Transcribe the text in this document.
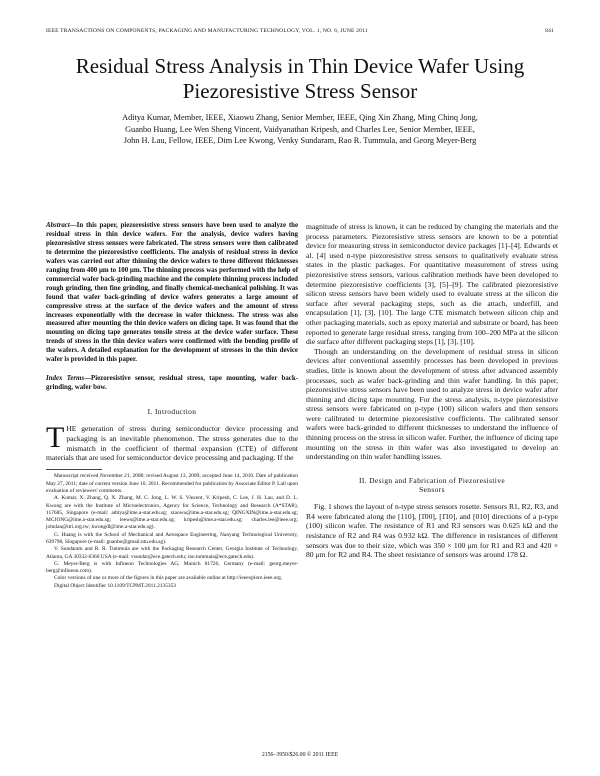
IEEE TRANSACTIONS ON COMPONENTS, PACKAGING AND MANUFACTURING TECHNOLOGY, VOL. 1, NO. 6, JUNE 2011	841
Residual Stress Analysis in Thin Device Wafer Using Piezoresistive Stress Sensor
Aditya Kumar, Member, IEEE, Xiaowu Zhang, Senior Member, IEEE, Qing Xin Zhang, Ming Chinq Jong,
Guanbo Huang, Lee Wen Sheng Vincent, Vaidyanathan Kripesh, and Charles Lee, Senior Member, IEEE,
John H. Lau, Fellow, IEEE, Dim Lee Kwong, Venky Sundaram, Rao R. Tummula, and Georg Meyer-Berg

Abstract—In this paper, piezoresistive stress sensors have been used to analyze the residual stress in thin device wafers. For the analysis, device wafers having piezoresistive stress sensors were fabricated. The stress sensors were then calibrated to determine the piezoresistive coefficients. The analysis of residual stress in device wafers was carried out after thinning the device wafers to three different thicknesses ranging from 400 μm to 100 μm. The thinning process was performed with the help of commercial wafer back-grinding machine and the complete thinning process included rough grinding, then fine grinding, and finally chemical-mechanical polishing. It was found that wafer back-grinding of device wafers generates a large amount of compressive stress at the surface of the device wafers and the amount of stress increases exponentially with the decrease in wafer thickness. The stress was also measured after mounting the thin device wafers on dicing tape. It was found that the mounting on dicing tape generates tensile stress at the device wafer surface. These trends of stress in the thin device wafers were confirmed with the bending profile of the wafers. A detailed explanation for the development of stresses in the thin device wafer is provided in this paper.

Index Terms—Piezoresistive sensor, residual stress, tape mounting, wafer back-grinding, wafer bow.

I. Introduction

THE generation of stress during semiconductor device processing and packaging is an inevitable phenomenon. The stress generates due to the mismatch in the coefficient of thermal expansion (CTE) of different materials that are used for semiconductor device processing and packaging. If the

Manuscript received November 21, 2008; revised August 13, 2009; accepted June 14, 2010. Date of publication May 27, 2011; date of current version June 10, 2011. Recommended for publication by Associate Editor P. Lall upon evaluation of reviewers' comments.

A. Kumar, X. Zhang, Q. X. Zhang, M. C. Jong, L. W. S. Vincent, V. Kripesh, C. Lee, J. H. Lau, and D. L. Kwong are with the Institute of Microelectronics, Agency for Science, Technology and Research (A*STAR), 117685, Singapore (e-mail: aditya@ime.a-star.edu.sg; xiaowu@ime.a-star.edu.sg; QINGXIN@ime.a-star.edu.sg; MCJONG@ime.a-star.edu.sg; leews@ime.a-star.edu.sg; kripesh@ime.a-star.edu.sg; charles.lee@ieee.org; johnlau@itri.org.tw; kwongdl@ime.a-star.edu.sg).

G. Huang is with the School of Mechanical and Aerospace Engineering, Nanyang Technological University, 639798, Singapore (e-mail: guanbo@gmail.ntu.edu.sg).

V. Sundaram and R. R. Tummula are with the Packaging Research Center, Georgia Institute of Technology, Atlanta, GA 30332-0360 USA (e-mail: vsundar@ece.gatech.edu; rao.tummala@ece.gatech.edu).

G. Meyer-Berg is with Infineon Technologies AG, Munich 81726, Germany (e-mail: georg.meyer-berg@infineon.com).

Color versions of one or more of the figures in this paper are available online at http://ieeexplore.ieee.org.

Digital Object Identifier 10.1109/TCPMT.2011.2135353

magnitude of stress is known, it can be reduced by changing the materials and the process parameters. Piezoresistive stress sensors are known to be a potential device for measuring stress in semiconductor device packages [1]–[4]. Edwards et al. [4] used n-type piezoresistive stress sensors to qualitatively evaluate stress states in the plastic packages. For quantitative measurement of stress using piezoresistive stress sensors, various calibration methods have been developed to determine piezoresistive coefficients [3], [5]–[9]. The calibrated piezoresistive silicon stress sensors have been widely used to evaluate stress at the silicon die surface after several packaging steps, such as die attach, underfill, and encapsulation [1], [3], [10]. The large CTE mismatch between silicon chip and other packaging materials, such as epoxy material and substrate or board, has been reported to generate large residual stress, ranging from 100–200 MPa at the silicon die surface after different packaging steps [1], [3], [10].

Though an understanding on the development of residual stress in silicon devices after conventional assembly processes has been developed in previous studies, little is known about the development of stress after advanced assembly processes, such as wafer back-grinding and thin wafer handling. In this paper, piezoresistive stress sensors have been used to analyze stress in device wafer after thinning and dicing tape mounting. For the stress analysis, n-type piezoresistive stress sensors were fabricated on p-type (100) silicon wafers and then sensors were calibrated to determine piezoresistive coefficients. The calibrated sensor wafers were back-grinded to different thicknesses to understand the influence of thinning process on the stress in silicon wafer. Further, the influence of dicing tape mounting on the stress in thin wafer was also investigated to develop an understanding on thin wafer handling issues.

II. Design and Fabrication of Piezoresistive
Sensors

Fig. 1 shows the layout of n-type stress sensors rosette. Sensors R1, R2, R3, and R4 were fabricated along the [110], [1̄00], [1̄10], and [010] directions of a p-type (100) silicon wafer. The resistance of R1 and R3 sensors was 0.625 kΩ and the resistance of R2 and R4 was 0.932 kΩ. The difference in resistances of different sensors was due to their size, which was 350 × 100 μm for R1 and R3 and 420 × 80 μm for R2 and R4. The sheet resistance of sensors was around 178 Ω.

2156–3950/$26.00 © 2011 IEEE
